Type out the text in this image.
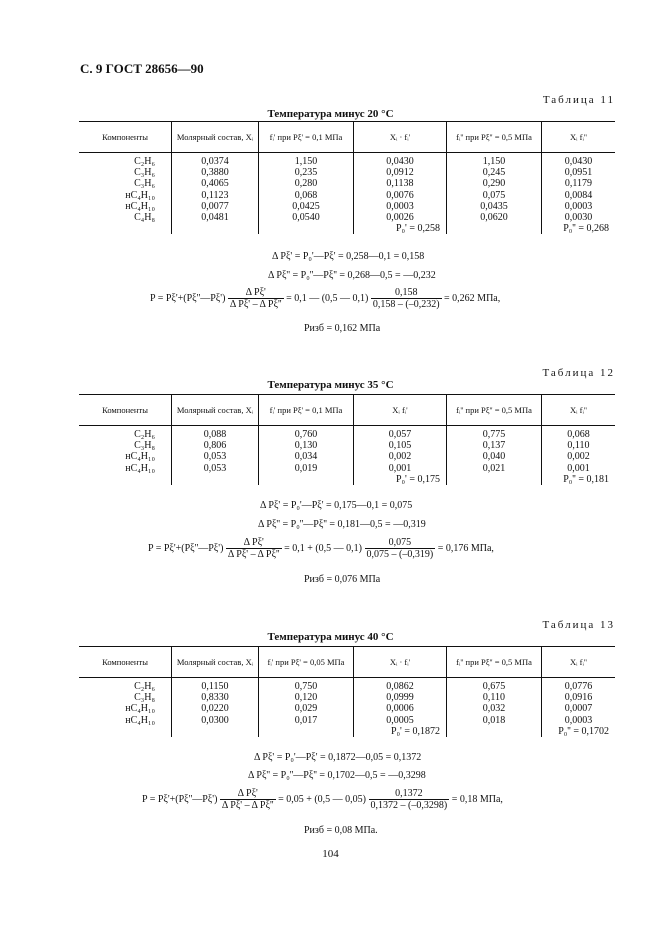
С. 9 ГОСТ 28656—90
Таблица 11
Температура минус 20 °С
Компоненты	Молярный состав, Xᵢ	fᵢ' при Pξ' = 0,1 МПа	Xᵢ · fᵢ'	fᵢ'' при Pξ'' = 0,5 МПа	Xᵢ fᵢ''
C₂H₆	0,0374	1,150	0,0430	1,150	0,0430
C₃H₆	0,3880	0,235	0,0912	0,245	0,0951
C₃H₆	0,4065	0,280	0,1138	0,290	0,1179
нC₄H₁₀	0,1123	0,068	0,0076	0,075	0,0084
нC₄H₁₀	0,0077	0,0425	0,0003	0,0435	0,0003
C₄H₈	0,0481	0,0540	0,0026	0,0620	0,0030
			P₀' = 0,258		P₀'' = 0,268
Δ Pξ' = P₀'—Pξ' = 0,258—0,1 = 0,158
Δ Pξ'' = P₀''—Pξ'' = 0,268—0,5 = —0,232
P = Pξ'+(Pξ''—Pξ') $\frac{\text{Δ Pξ'}}{\text{Δ Pξ' – Δ Pξ''}} = 0,1$ — (0,5 — $0,1) \frac{0,158}{0,158 - (-0,232)} = 0,262$ МПа,
Pизб = 0,162 МПа
Таблица 12
Температура минус 35 °С
Компоненты	Молярный состав, Xᵢ	fᵢ' при Pξ' = 0,1 МПа	Xᵢ fᵢ'	fᵢ'' при Pξ'' = 0,5 МПа	Xᵢ fᵢ''
C₂H₆	0,088	0,760	0,057	0,775	0,068
C₃H₈	0,806	0,130	0,105	0,137	0,110
нC₄H₁₀	0,053	0,034	0,002	0,040	0,002
нC₄H₁₀	0,053	0,019	0,001	0,021	0,001
			P₀' = 0,175		P₀'' = 0,181
Δ Pξ' = P₀'—Pξ' = 0,175—0,1 = 0,075
Δ Pξ'' = P₀''—Pξ'' = 0,181—0,5 = —0,319
P = Pξ'+(Pξ''—Pξ') $\frac{\text{Δ Pξ'}}{\text{Δ Pξ' – Δ Pξ''}} = 0,1 + (0,5$ — $0,1) \frac{0,075}{0,075 - (-0,319)} = 0,176$ МПа,
Pизб = 0,076 МПа
Таблица 13
Температура минус 40 °С
Компоненты	Молярный состав, Xᵢ	fᵢ' при Pξ' = 0,05 МПа	Xᵢ · fᵢ'	fᵢ'' при Pξ'' = 0,5 МПа	Xᵢ fᵢ''
C₂H₆	0,1150	0,750	0,0862	0,675	0,0776
C₃H₈	0,8330	0,120	0,0999	0,110	0,0916
нC₄H₁₀	0,0220	0,029	0,0006	0,032	0,0007
нC₄H₁₀	0,0300	0,017	0,0005	0,018	0,0003
			P₀' = 0,1872		P₀'' = 0,1702
Δ Pξ' = P₀'—Pξ' = 0,1872—0,05 = 0,1372
Δ Pξ'' = P₀''—Pξ'' = 0,1702—0,5 = —0,3298
P = Pξ'+(Pξ''—Pξ') $\frac{\text{Δ Pξ'}}{\text{Δ Pξ' – Δ Pξ''}} = 0,05 + (0,5$ — $0,05) \frac{0,1372}{0,1372 - (-0,3298)} = 0,18$ МПа,
Pизб = 0,08 МПа.
104
